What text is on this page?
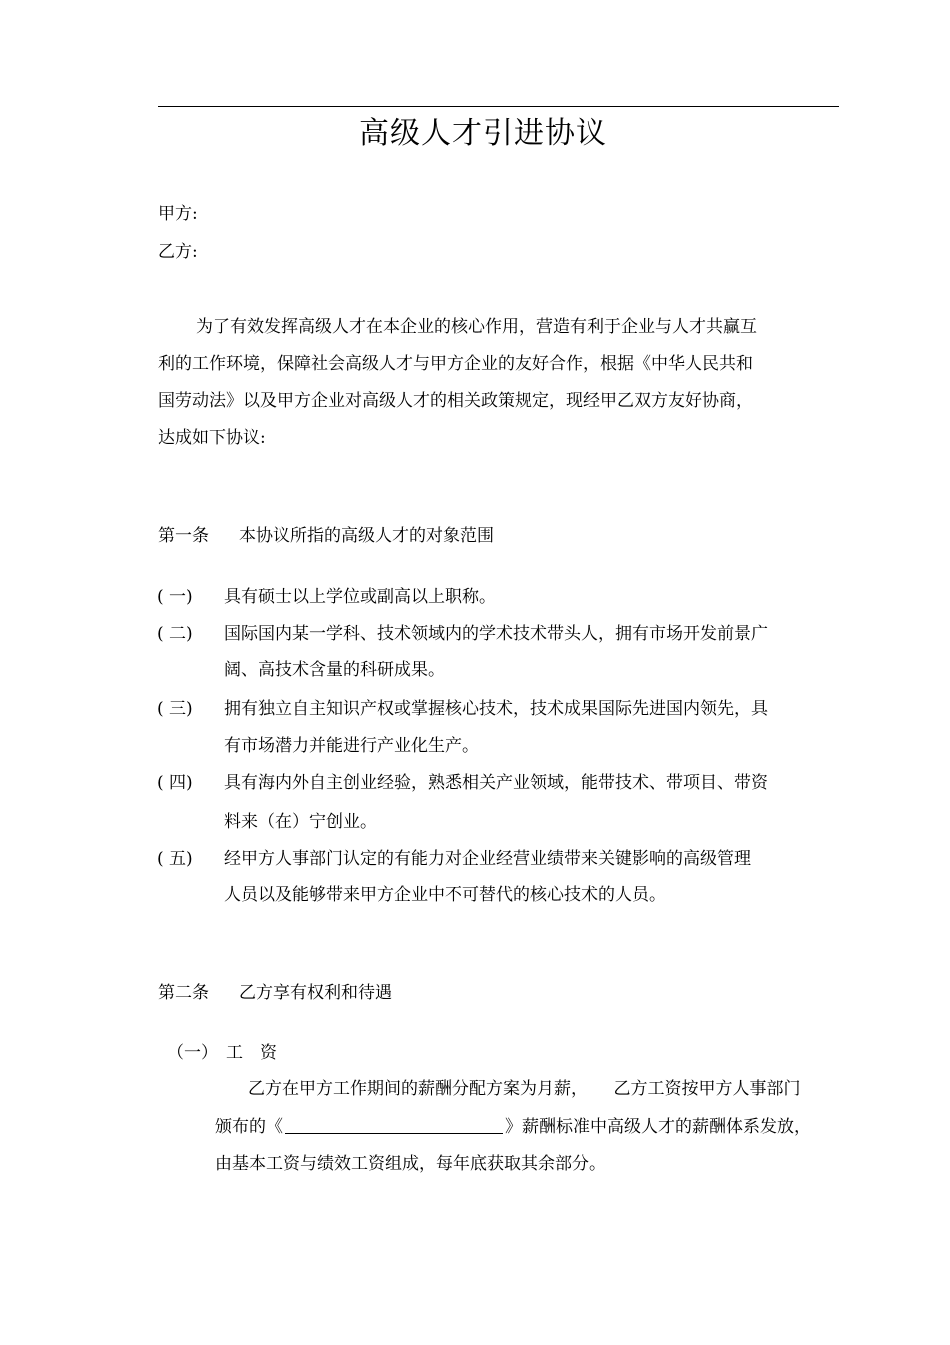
高级人才引进协议
甲方:
乙方:
为了有效发挥高级人才在本企业的核心作用，营造有利于企业与人才共赢互
利的工作环境，保障社会高级人才与甲方企业的友好合作，根据《中华人民共和
国劳动法》以及甲方企业对高级人才的相关政策规定，现经甲乙双方友好协商，
达成如下协议:
第一条 本协议所指的高级人才的对象范围
( 一) 具有硕士以上学位或副高以上职称。
( 二) 国际国内某一学科、技术领域内的学术技术带头人，拥有市场开发前景广
阔、高技术含量的科研成果。
( 三) 拥有独立自主知识产权或掌握核心技术，技术成果国际先进国内领先，具
有市场潜力并能进行产业化生产。
( 四) 具有海内外自主创业经验，熟悉相关产业领域，能带技术、带项目、带资
料来（在）宁创业。
( 五) 经甲方人事部门认定的有能力对企业经营业绩带来关键影响的高级管理
人员以及能够带来甲方企业中不可替代的核心技术的人员。
第二条 乙方享有权利和待遇
（一） 工　资
乙方在甲方工作期间的薪酬分配方案为月薪，　　乙方工资按甲方人事部门
颁布的《	》薪酬标准中高级人才的薪酬体系发放，
由基本工资与绩效工资组成，每年底获取其余部分。
